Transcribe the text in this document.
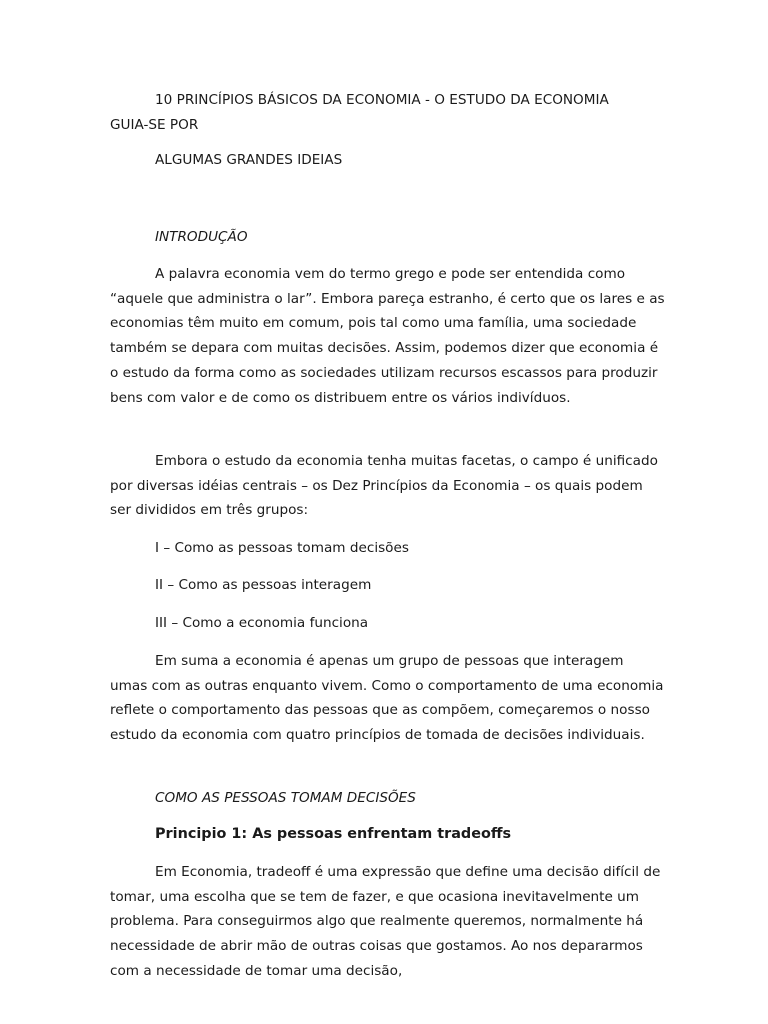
10 PRINCÍPIOS BÁSICOS DA ECONOMIA - O ESTUDO DA ECONOMIA
GUIA-SE POR
ALGUMAS GRANDES IDEIAS
INTRODUÇÃO

A palavra economia vem do termo grego e pode ser entendida como “aquele que administra o lar”. Embora pareça estranho, é certo que os lares e as economias têm muito em comum, pois tal como uma família, uma sociedade também se depara com muitas decisões. Assim, podemos dizer que economia é o estudo da forma como as sociedades utilizam recursos escassos para produzir bens com valor e de como os distribuem entre os vários indivíduos.

Embora o estudo da economia tenha muitas facetas, o campo é unificado por diversas idéias centrais – os Dez Princípios da Economia – os quais podem ser divididos em três grupos:

I – Como as pessoas tomam decisões
II – Como as pessoas interagem
III – Como a economia funciona

Em suma a economia é apenas um grupo de pessoas que interagem umas com as outras enquanto vivem. Como o comportamento de uma economia reflete o comportamento das pessoas que as compõem, começaremos o nosso estudo da economia com quatro princípios de tomada de decisões individuais.

COMO AS PESSOAS TOMAM DECISÕES
Principio 1: As pessoas enfrentam tradeoffs

Em Economia, tradeoff é uma expressão que define uma decisão difícil de tomar, uma escolha que se tem de fazer, e que ocasiona inevitavelmente um problema. Para conseguirmos algo que realmente queremos, normalmente há necessidade de abrir mão de outras coisas que gostamos. Ao nos depararmos com a necessidade de tomar uma decisão,
